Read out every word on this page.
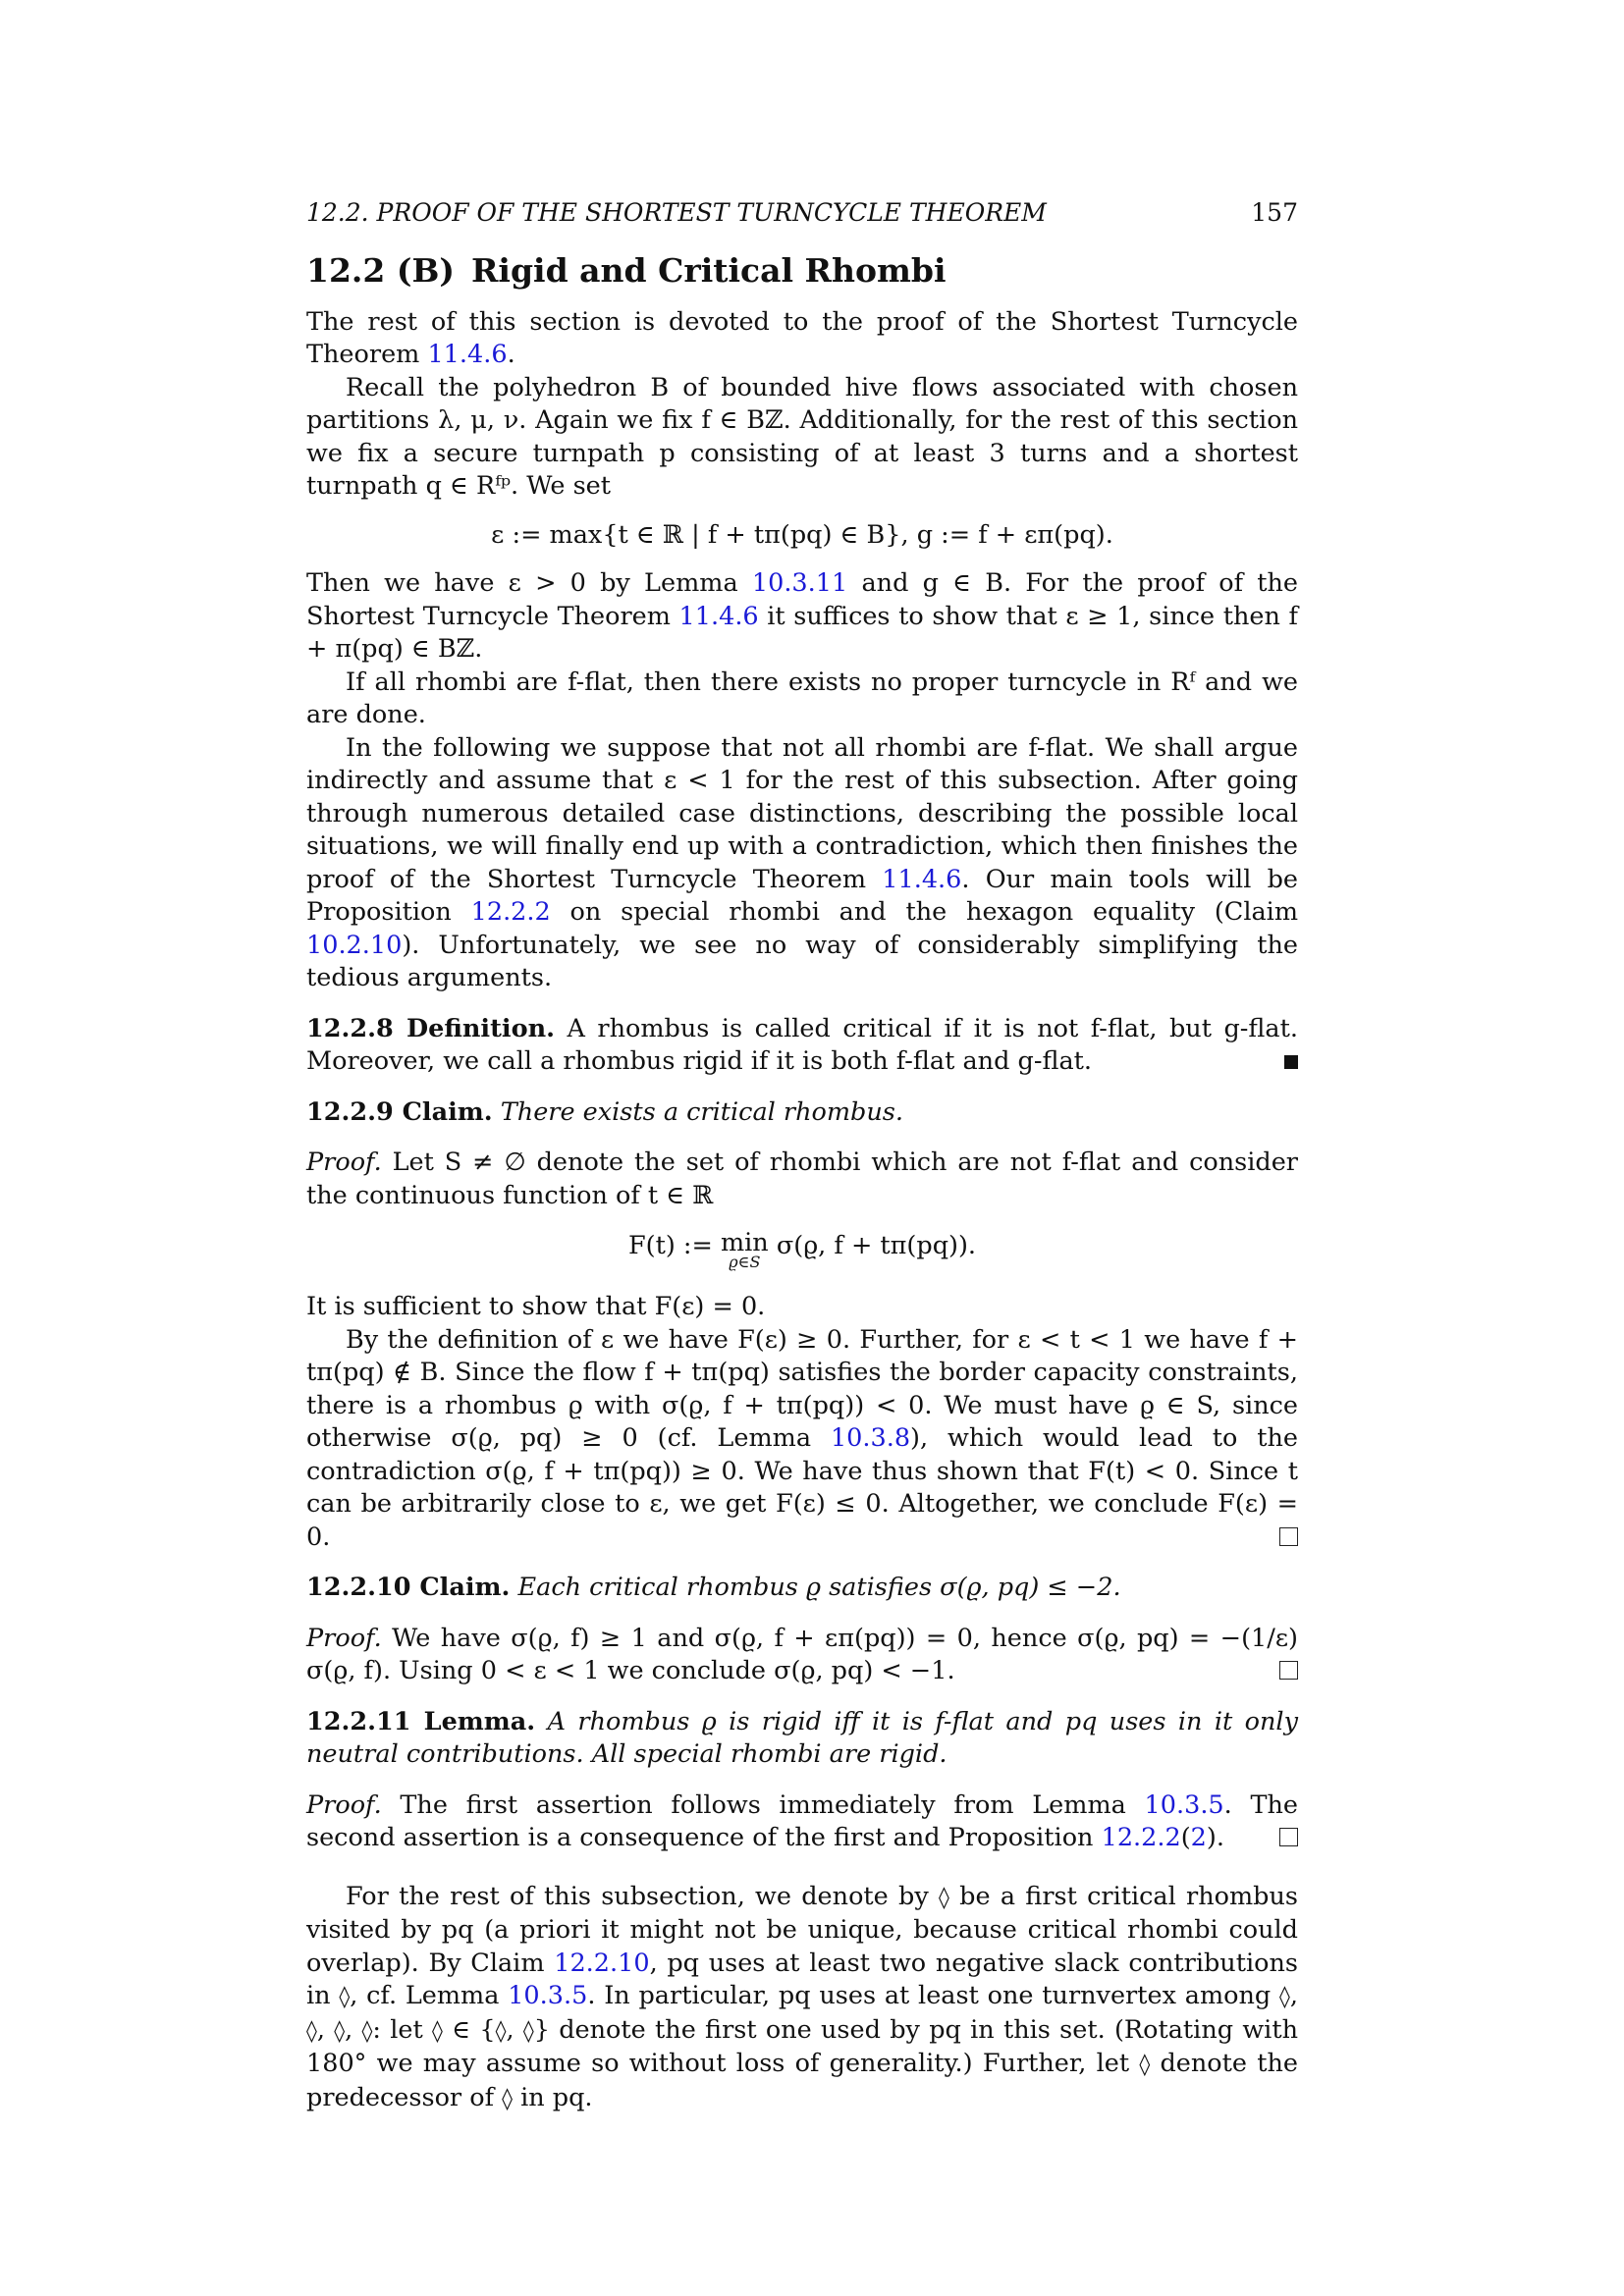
12.2. PROOF OF THE SHORTEST TURNCYCLE THEOREM	157
12.2 (B) Rigid and Critical Rhombi

The rest of this section is devoted to the proof of the Shortest Turncycle Theorem 11.4.6.

Recall the polyhedron B of bounded hive flows associated with chosen partitions λ, μ, ν. Again we fix f ∈ Bℤ. Additionally, for the rest of this section we fix a secure turnpath p consisting of at least 3 turns and a shortest turnpath q ∈ Rᶠᵖ. We set

ε := max{t ∈ ℝ | f + tπ(pq) ∈ B}, g := f + επ(pq).

Then we have ε > 0 by Lemma 10.3.11 and g ∈ B. For the proof of the Shortest Turncycle Theorem 11.4.6 it suffices to show that ε ≥ 1, since then f + π(pq) ∈ Bℤ.

If all rhombi are f-flat, then there exists no proper turncycle in Rᶠ and we are done.

In the following we suppose that not all rhombi are f-flat. We shall argue indirectly and assume that ε < 1 for the rest of this subsection. After going through numerous detailed case distinctions, describing the possible local situations, we will finally end up with a contradiction, which then finishes the proof of the Shortest Turncycle Theorem 11.4.6. Our main tools will be Proposition 12.2.2 on special rhombi and the hexagon equality (Claim 10.2.10). Unfortunately, we see no way of considerably simplifying the tedious arguments.

12.2.8 Definition. A rhombus is called critical if it is not f-flat, but g-flat. Moreover, we call a rhombus rigid if it is both f-flat and g-flat.

12.2.9 Claim. There exists a critical rhombus.

Proof. Let S ≠ ∅ denote the set of rhombi which are not f-flat and consider the continuous function of t ∈ ℝ

F(t) := min
ϱ∈S
σ(ϱ, f + tπ(pq)).

It is sufficient to show that F(ε) = 0.

By the definition of ε we have F(ε) ≥ 0. Further, for ε < t < 1 we have f + tπ(pq) ∉ B. Since the flow f + tπ(pq) satisfies the border capacity constraints, there is a rhombus ϱ with σ(ϱ, f + tπ(pq)) < 0. We must have ϱ ∈ S, since otherwise σ(ϱ, pq) ≥ 0 (cf. Lemma 10.3.8), which would lead to the contradiction σ(ϱ, f + tπ(pq)) ≥ 0. We have thus shown that F(t) < 0. Since t can be arbitrarily close to ε, we get F(ε) ≤ 0. Altogether, we conclude F(ε) = 0.

12.2.10 Claim. Each critical rhombus ϱ satisfies σ(ϱ, pq) ≤ −2.

Proof. We have σ(ϱ, f) ≥ 1 and σ(ϱ, f + επ(pq)) = 0, hence σ(ϱ, pq) = −(1/ε) σ(ϱ, f). Using 0 < ε < 1 we conclude σ(ϱ, pq) < −1.

12.2.11 Lemma. A rhombus ϱ is rigid iff it is f-flat and pq uses in it only neutral contributions. All special rhombi are rigid.

Proof. The first assertion follows immediately from Lemma 10.3.5. The second assertion is a consequence of the first and Proposition 12.2.2(2).

For the rest of this subsection, we denote by ◊ be a first critical rhombus visited by pq (a priori it might not be unique, because critical rhombi could overlap). By Claim 12.2.10, pq uses at least two negative slack contributions in ◊, cf. Lemma 10.3.5. In particular, pq uses at least one turnvertex among ◊, ◊, ◊, ◊: let ◊ ∈ {◊, ◊} denote the first one used by pq in this set. (Rotating with 180° we may assume so without loss of generality.) Further, let ◊ denote the predecessor of ◊ in pq.
